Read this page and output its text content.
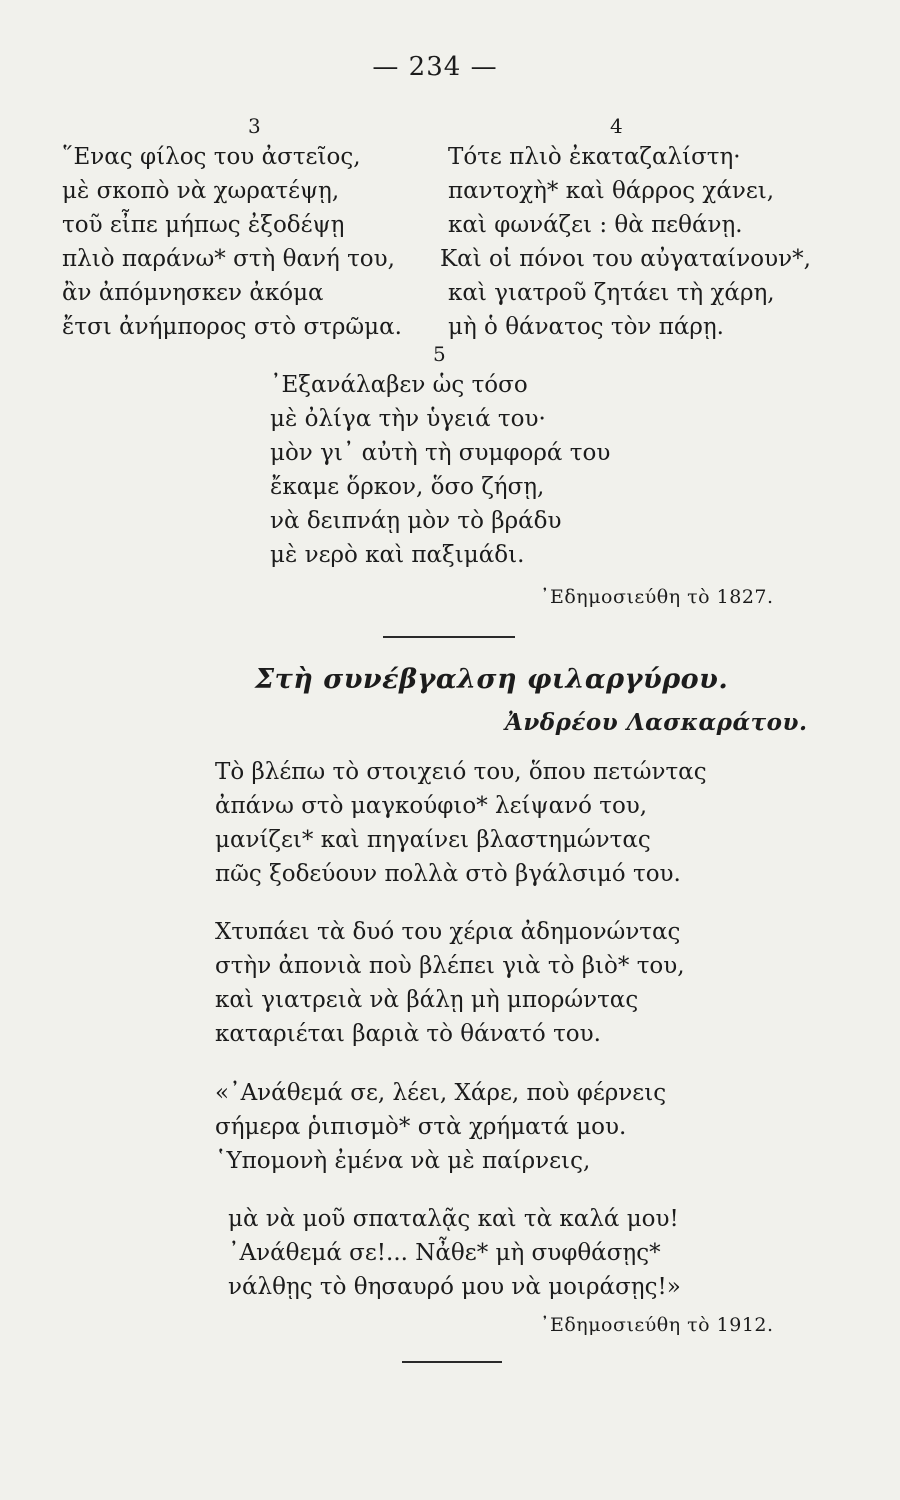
— 234 —
3
῞Ενας φίλος του ἀστεῖος,
μὲ σκοπὸ νὰ χωρατέψῃ,
τοῦ εἶπε μήπως ἐξοδέψῃ
πλιὸ παράνω* στὴ θανή του,
ἂν ἀπόμνησκεν ἀκόμα
ἔτσι ἀνήμπορος στὸ στρῶμα.
4
Τότε πλιὸ ἐκαταζαλίστη·
παντοχὴ* καὶ θάρρος χάνει,
καὶ φωνάζει : θὰ πεθάνῃ.
Καὶ οἱ πόνοι του αὐγαταίνουν*,
καὶ γιατροῦ ζητάει τὴ χάρη,
μὴ ὁ θάνατος τὸν πάρῃ.
5
᾿Εξανάλαβεν ὡς τόσο
μὲ ὀλίγα τὴν ὑγειά του·
μὸν γι᾿ αὐτὴ τὴ συμφορά του
ἔκαμε ὅρκον, ὅσο ζήσῃ,
νὰ δειπνάῃ μὸν τὸ βράδυ
μὲ νερὸ καὶ παξιμάδι.
᾿Εδημοσιεύθη τὸ 1827.
Στὴ συνέβγαλση φιλαργύρου.
Ἀνδρέου Λασκαράτου.
Τὸ βλέπω τὸ στοιχειό του, ὅπου πετώντας
ἀπάνω στὸ μαγκούφιο* λείψανό του,
μανίζει* καὶ πηγαίνει βλαστημώντας
πῶς ξοδεύουν πολλὰ στὸ βγάλσιμό του.
Χτυπάει τὰ δυό του χέρια ἀδημονώντας
στὴν ἀπονιὰ ποὺ βλέπει γιὰ τὸ βιὸ* του,
καὶ γιατρειὰ νὰ βάλῃ μὴ μπορώντας
καταριέται βαριὰ τὸ θάνατό του.
«᾿Ανάθεμά σε, λέει, Χάρε, ποὺ φέρνεις
σήμερα ῥιπισμὸ* στὰ χρήματά μου.
῾Υπομονὴ ἐμένα νὰ μὲ παίρνεις,
μὰ νὰ μοῦ σπαταλᾷς καὶ τὰ καλά μου!
᾿Ανάθεμά σε!... Νἆθε* μὴ συφθάσῃς*
νάλθῃς τὸ θησαυρό μου νὰ μοιράσῃς!»
᾿Εδημοσιεύθη τὸ 1912.
